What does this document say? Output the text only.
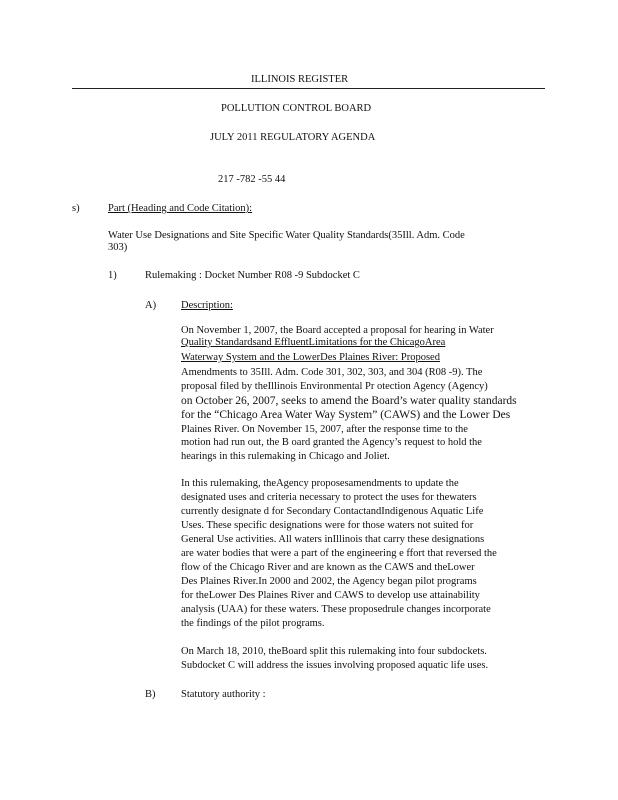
ILLINOIS REGISTER
POLLUTION CONTROL BOARD
JULY 2011 REGULATORY AGENDA
217 -782 -55 44
s)	Part (Heading and Code Citation):
Water Use Designations and Site Specific Water Quality Standards(35Ill. Adm. Code
303)
1)	Rulemaking : Docket Number R08 -9 Subdocket C
A) Description:
On November 1, 2007, the Board accepted a proposal for hearing in Water
Quality Standardsand EffluentLimitations for the ChicagoArea
Waterway System and the LowerDes Plaines River: Proposed
Amendments to 35Ill. Adm. Code 301, 302, 303, and 304 (R08 -9). The
proposal filed by theIllinois Environmental Pr otection Agency (Agency)
on October 26, 2007, seeks to amend the Board’s water quality standards
for the “Chicago Area Water Way System” (CAWS) and the Lower Des
Plaines River. On November 15, 2007, after the response time to the
motion had run out, the B oard granted the Agency’s request to hold the
hearings in this rulemaking in Chicago and Joliet.
In this rulemaking, theAgency proposesamendments to update the
designated uses and criteria necessary to protect the uses for thewaters
currently designate d for Secondary ContactandIndigenous Aquatic Life
Uses. These specific designations were for those waters not suited for
General Use activities. All waters inIllinois that carry these designations
are water bodies that were a part of the engineering e ffort that reversed the
flow of the Chicago River and are known as the CAWS and theLower
Des Plaines River.In 2000 and 2002, the Agency began pilot programs
for theLower Des Plaines River and CAWS to develop use attainability
analysis (UAA) for these waters. These proposedrule changes incorporate
the findings of the pilot programs.
On March 18, 2010, theBoard split this rulemaking into four subdockets.
Subdocket C will address the issues involving proposed aquatic life uses.
B) Statutory authority :
